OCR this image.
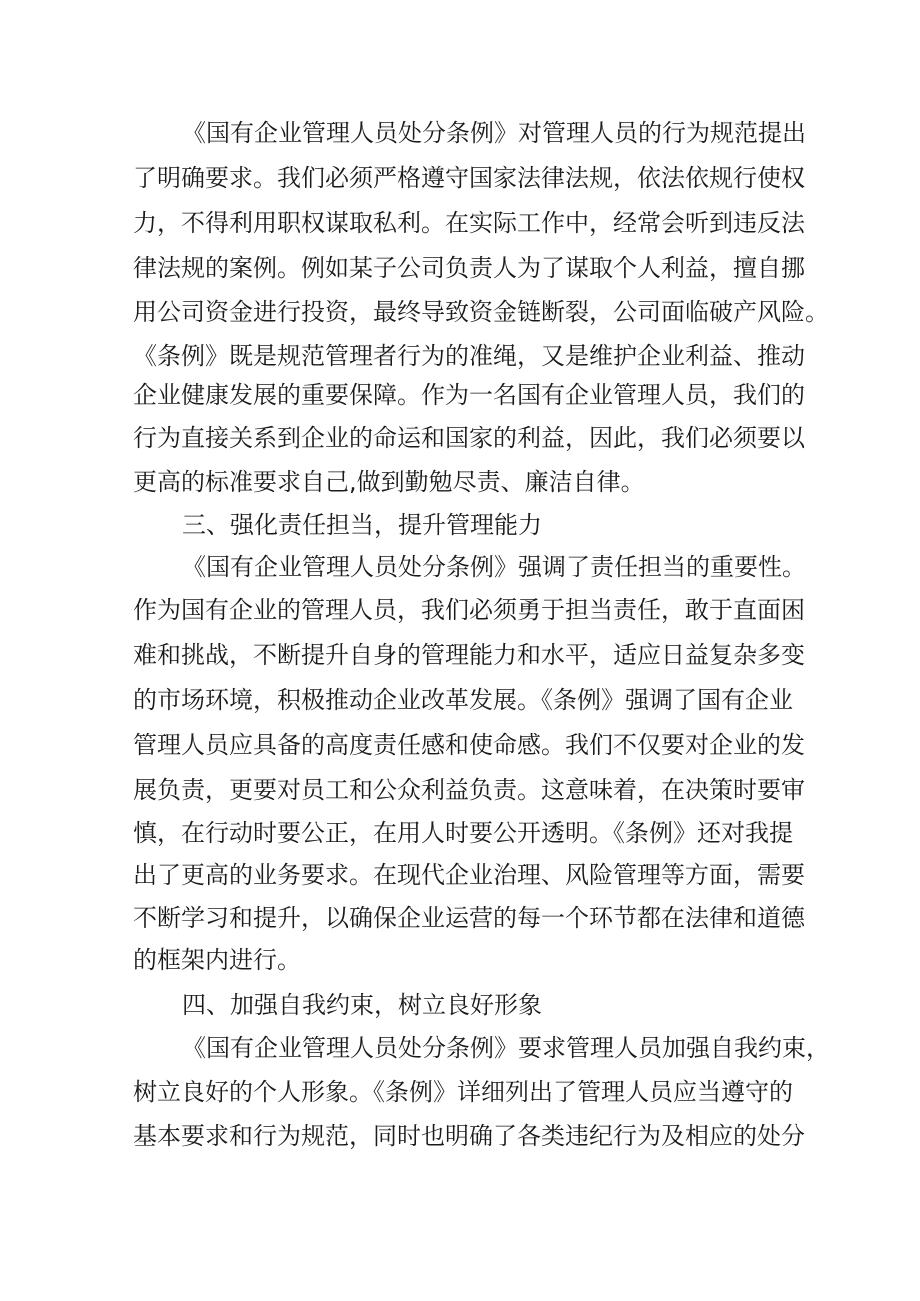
《国有企业管理人员处分条例》对管理人员的行为规范提出

了明确要求。我们必须严格遵守国家法律法规，依法依规行使权

力，不得利用职权谋取私利。在实际工作中，经常会听到违反法

律法规的案例。例如某子公司负责人为了谋取个人利益，擅自挪

用公司资金进行投资，最终导致资金链断裂，公司面临破产风险。

《条例》既是规范管理者行为的准绳，又是维护企业利益、推动

企业健康发展的重要保障。作为一名国有企业管理人员，我们的

行为直接关系到企业的命运和国家的利益，因此，我们必须要以

更高的标准要求自己,做到勤勉尽责、廉洁自律。

三、强化责任担当，提升管理能力

《国有企业管理人员处分条例》强调了责任担当的重要性。

作为国有企业的管理人员，我们必须勇于担当责任，敢于直面困

难和挑战，不断提升自身的管理能力和水平，适应日益复杂多变

的市场环境，积极推动企业改革发展。《条例》强调了国有企业

管理人员应具备的高度责任感和使命感。我们不仅要对企业的发

展负责，更要对员工和公众利益负责。这意味着，在决策时要审

慎，在行动时要公正，在用人时要公开透明。《条例》还对我提

出了更高的业务要求。在现代企业治理、风险管理等方面，需要

不断学习和提升，以确保企业运营的每一个环节都在法律和道德

的框架内进行。

四、加强自我约束，树立良好形象

《国有企业管理人员处分条例》要求管理人员加强自我约束，

树立良好的个人形象。《条例》详细列出了管理人员应当遵守的

基本要求和行为规范，同时也明确了各类违纪行为及相应的处分
